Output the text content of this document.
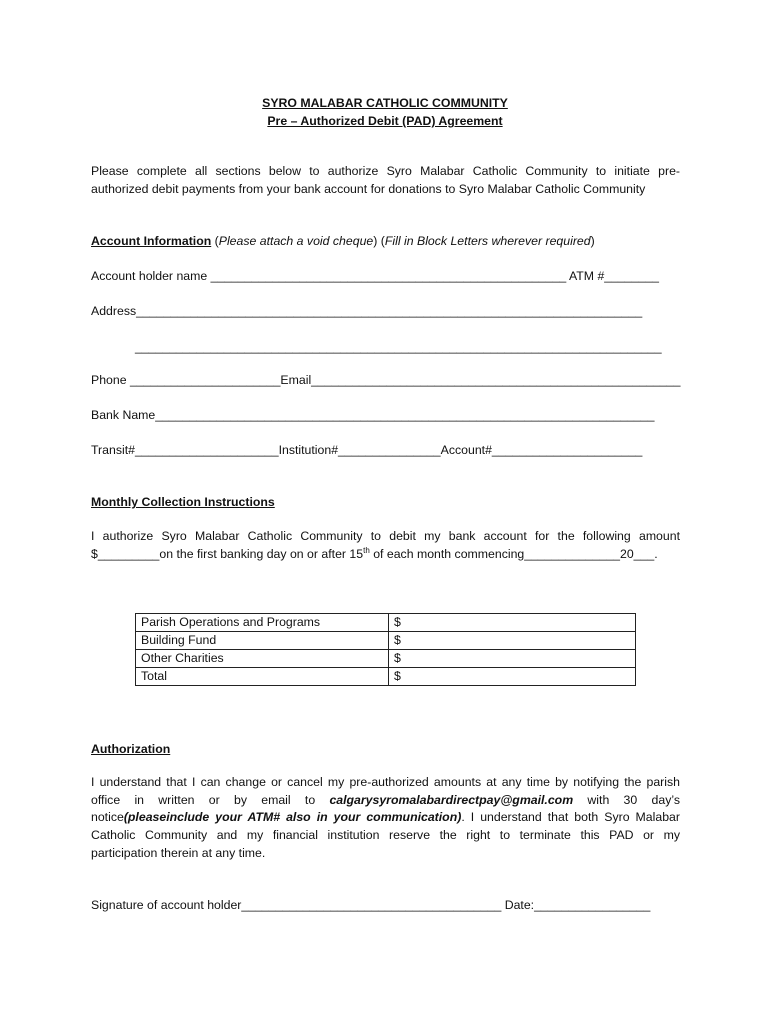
SYRO MALABAR CATHOLIC COMMUNITY
Pre – Authorized Debit (PAD) Agreement
Please complete all sections below to authorize Syro Malabar Catholic Community to initiate pre-
authorized debit payments from your bank account for donations to Syro Malabar Catholic Community
Account Information (Please attach a void cheque) (Fill in Block Letters wherever required)
Account holder name ____________________________________________________ ATM #________
Address__________________________________________________________________________
_____________________________________________________________________________
Phone ______________________Email______________________________________________________
Bank Name_________________________________________________________________________
Transit#_____________________Institution#_______________Account#______________________
Monthly Collection Instructions
I authorize Syro Malabar Catholic Community to debit my bank account for the following amount
$_________on the first banking day on or after 15th of each month commencing______________20___.
Parish Operations and Programs	$
Building Fund	$
Other Charities	$
Total	$
Authorization
I understand that I can change or cancel my pre-authorized amounts at any time by notifying the parish
office in written or by email to calgarysyromalabardirectpay@gmail.com with 30 day’s
notice(pleaseinclude your ATM# also in your communication). I understand that both Syro Malabar
Catholic Community and my financial institution reserve the right to terminate this PAD or my
participation therein at any time.
Signature of account holder______________________________________ Date:_________________
